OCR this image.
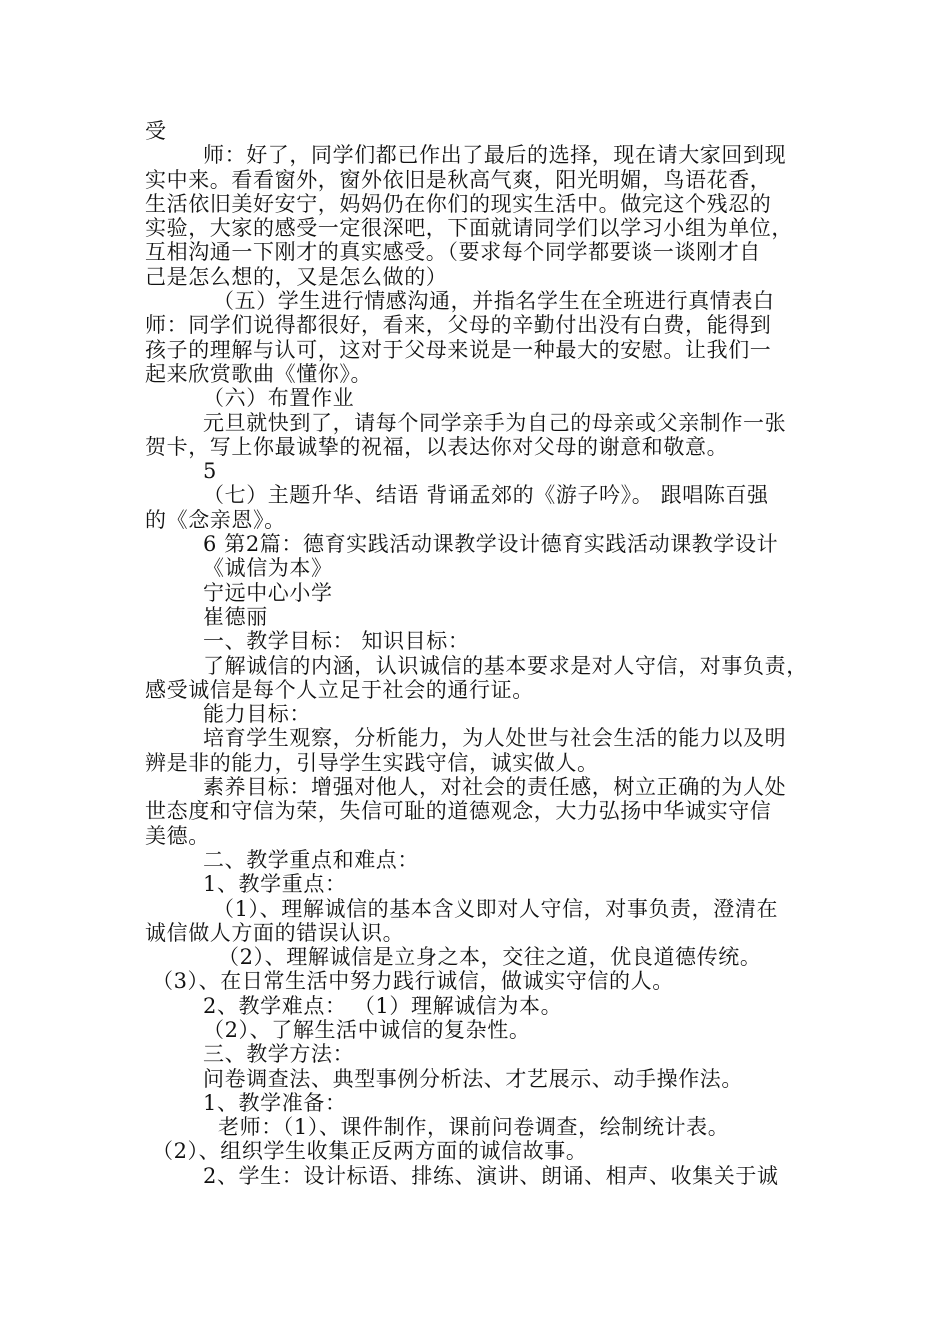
受
师：好了，同学们都已作出了最后的选择，现在请大家回到现
实中来。看看窗外，窗外依旧是秋高气爽，阳光明媚，鸟语花香，
生活依旧美好安宁，妈妈仍在你们的现实生活中。做完这个残忍的
实验，大家的感受一定很深吧，下面就请同学们以学习小组为单位，
互相沟通一下刚才的真实感受。（要求每个同学都要谈一谈刚才自
己是怎么想的，又是怎么做的）
（五）学生进行情感沟通，并指名学生在全班进行真情表白
师：同学们说得都很好，看来，父母的辛勤付出没有白费，能得到
孩子的理解与认可，这对于父母来说是一种最大的安慰。让我们一
起来欣赏歌曲《懂你》。
（六）布置作业
元旦就快到了，请每个同学亲手为自己的母亲或父亲制作一张
贺卡，写上你最诚挚的祝福，以表达你对父母的谢意和敬意。
5
（七）主题升华、结语 背诵孟郊的《游子吟》。 跟唱陈百强
的《念亲恩》。
6 第2篇：德育实践活动课教学设计德育实践活动课教学设计
《诚信为本》
宁远中心小学
崔德丽
一、教学目标： 知识目标：
了解诚信的内涵，认识诚信的基本要求是对人守信，对事负责，
感受诚信是每个人立足于社会的通行证。
能力目标：
培育学生观察，分析能力，为人处世与社会生活的能力以及明
辨是非的能力，引导学生实践守信，诚实做人。
素养目标：增强对他人，对社会的责任感，树立正确的为人处
世态度和守信为荣，失信可耻的道德观念，大力弘扬中华诚实守信
美德。
二、教学重点和难点：
1、教学重点：
（1）、理解诚信的基本含义即对人守信，对事负责，澄清在
诚信做人方面的错误认识。
（2）、理解诚信是立身之本，交往之道，优良道德传统。
（3）、在日常生活中努力践行诚信，做诚实守信的人。
2、教学难点： （1）理解诚信为本。
（2）、了解生活中诚信的复杂性。
三、教学方法：
问卷调查法、典型事例分析法、才艺展示、动手操作法。
1、教学准备：
老师：（1）、课件制作，课前问卷调查，绘制统计表。
（2）、组织学生收集正反两方面的诚信故事。
2、学生：设计标语、排练、演讲、朗诵、相声、收集关于诚
